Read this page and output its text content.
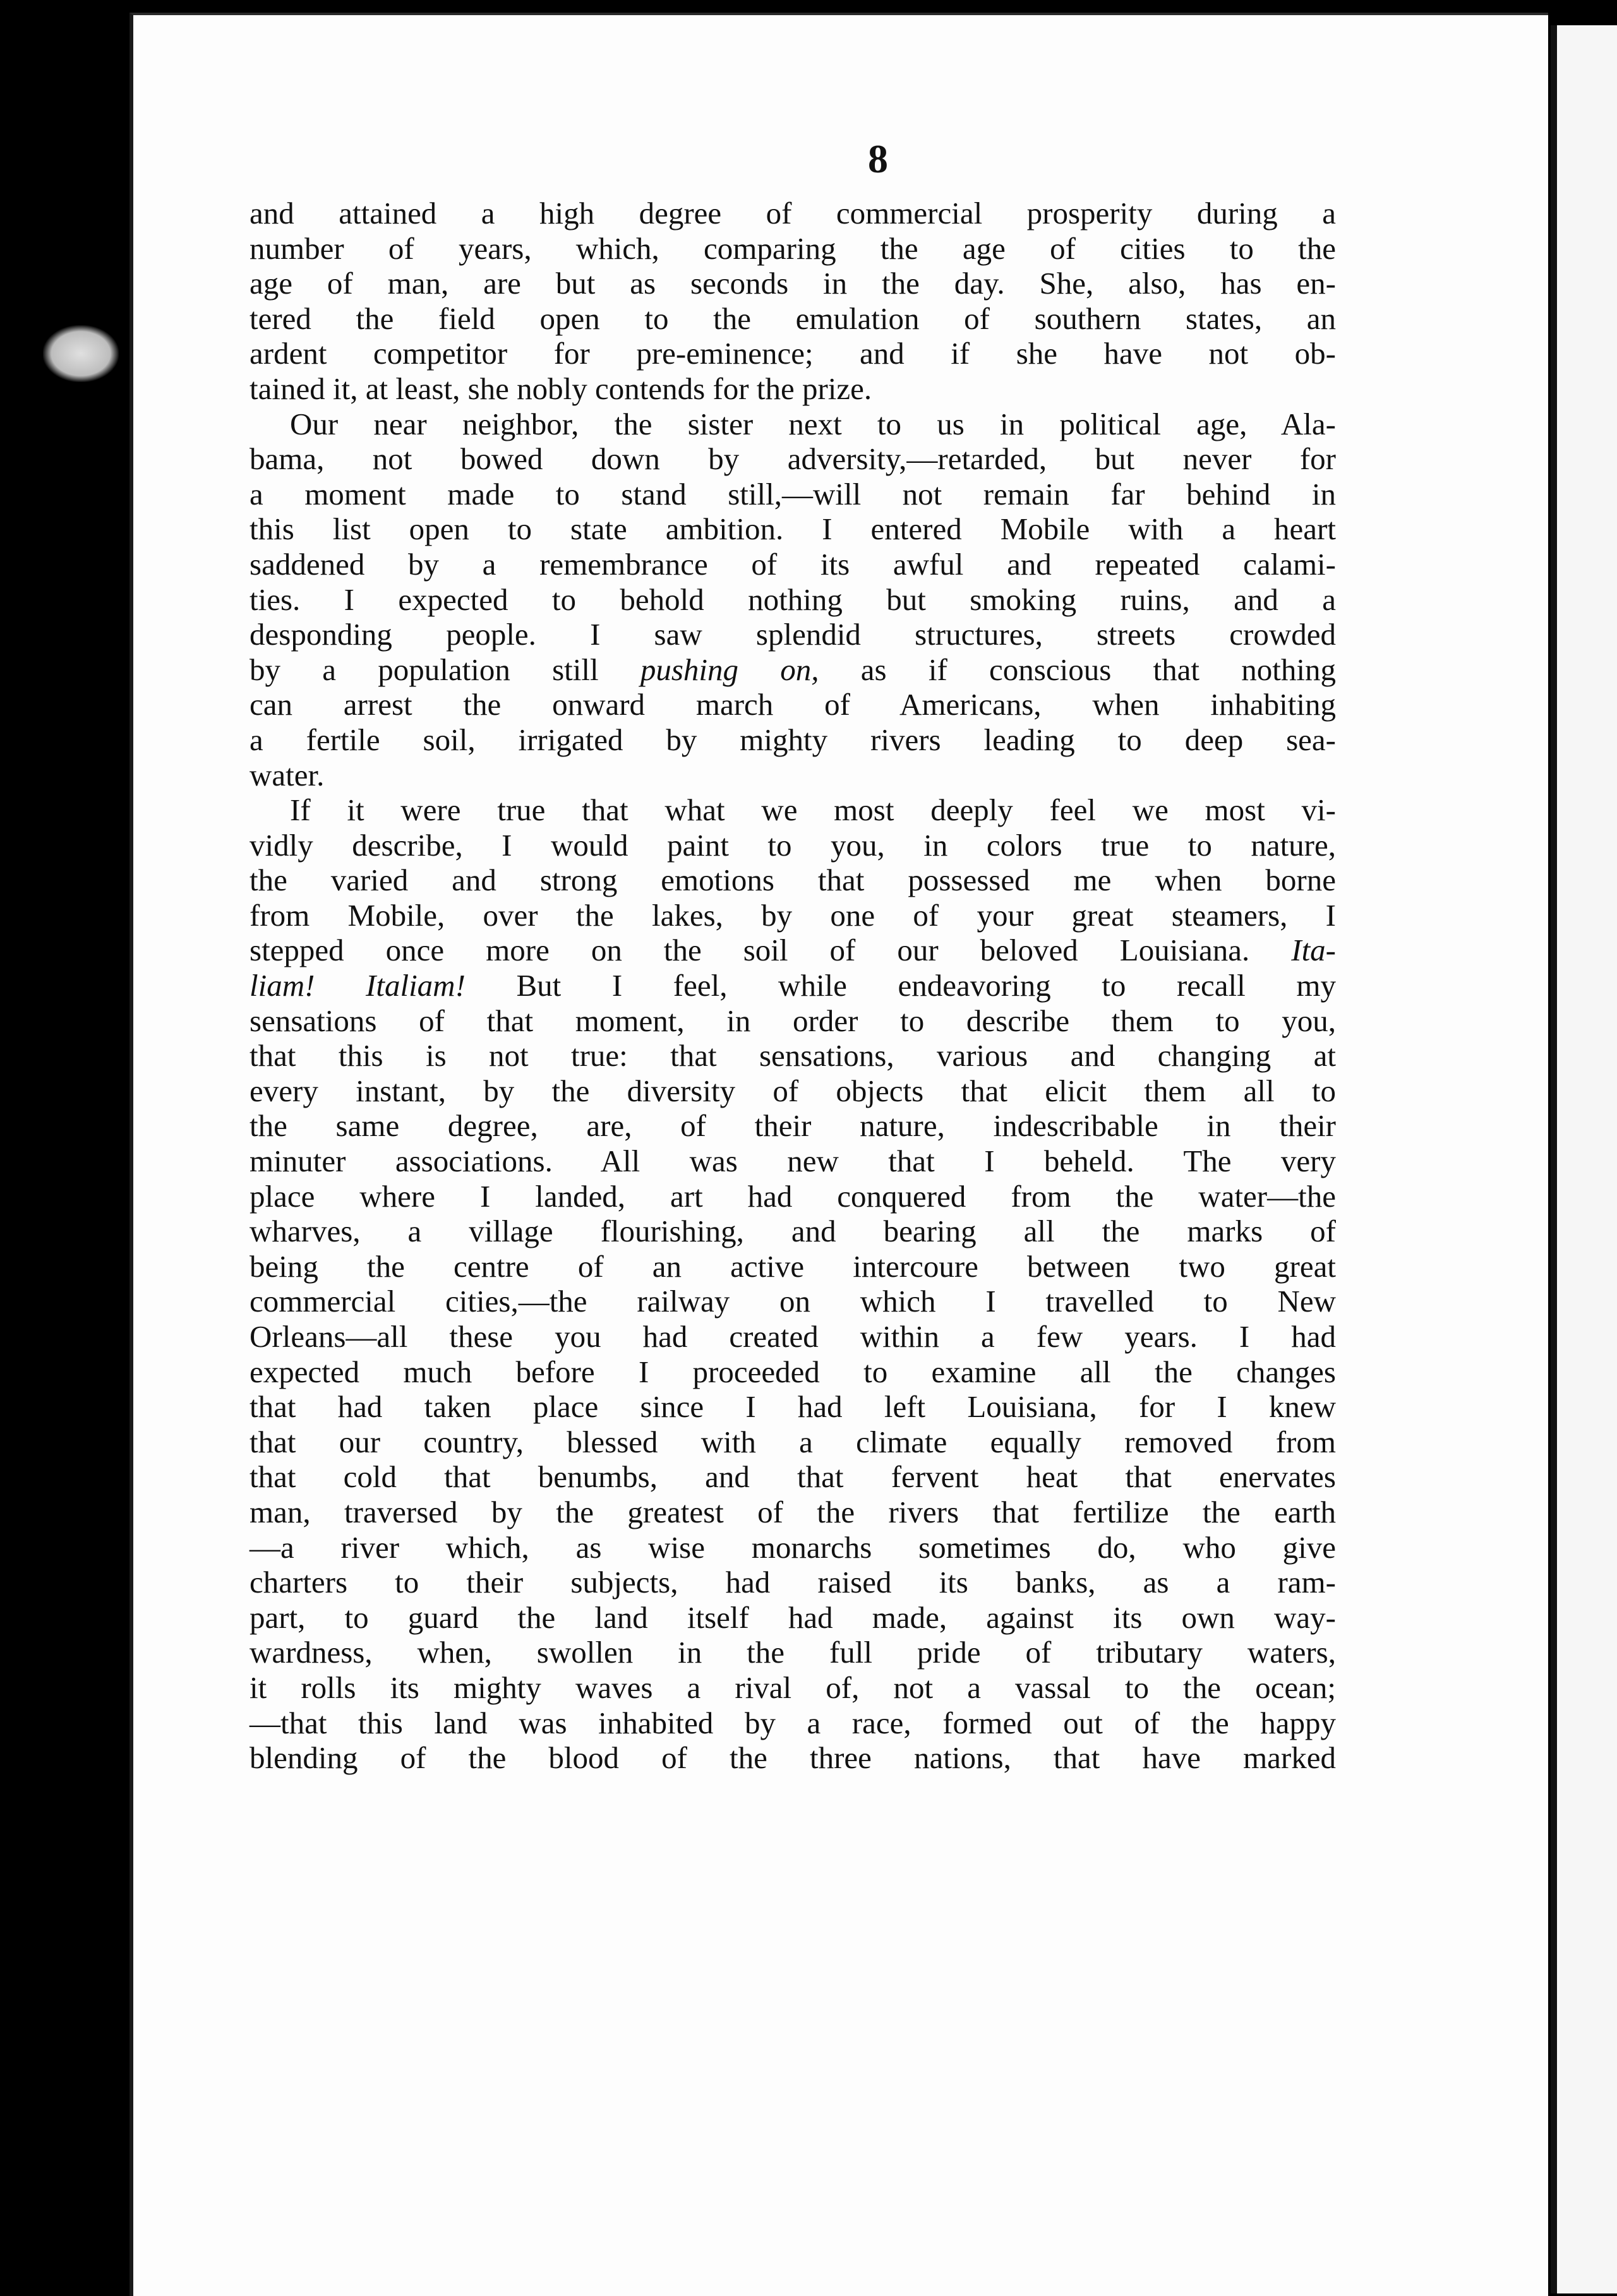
8
and attained a high degree of commercial prosperity during a
number of years, which, comparing the age of cities to the
age of man, are but as seconds in the day. She, also, has en-
tered the field open to the emulation of southern states, an
ardent competitor for pre-eminence; and if she have not ob-
tained it, at least, she nobly contends for the prize.
Our near neighbor, the sister next to us in political age, Ala-
bama, not bowed down by adversity,—retarded, but never for
a moment made to stand still,—will not remain far behind in
this list open to state ambition. I entered Mobile with a heart
saddened by a remembrance of its awful and repeated calami-
ties. I expected to behold nothing but smoking ruins, and a
desponding people. I saw splendid structures, streets crowded
by a population still pushing on, as if conscious that nothing
can arrest the onward march of Americans, when inhabiting
a fertile soil, irrigated by mighty rivers leading to deep sea-
water.
If it were true that what we most deeply feel we most vi-
vidly describe, I would paint to you, in colors true to nature,
the varied and strong emotions that possessed me when borne
from Mobile, over the lakes, by one of your great steamers, I
stepped once more on the soil of our beloved Louisiana. Ita-
liam! Italiam! But I feel, while endeavoring to recall my
sensations of that moment, in order to describe them to you,
that this is not true: that sensations, various and changing at
every instant, by the diversity of objects that elicit them all to
the same degree, are, of their nature, indescribable in their
minuter associations. All was new that I beheld. The very
place where I landed, art had conquered from the water—the
wharves, a village flourishing, and bearing all the marks of
being the centre of an active intercoure between two great
commercial cities,—the railway on which I travelled to New
Orleans—all these you had created within a few years. I had
expected much before I proceeded to examine all the changes
that had taken place since I had left Louisiana, for I knew
that our country, blessed with a climate equally removed from
that cold that benumbs, and that fervent heat that enervates
man, traversed by the greatest of the rivers that fertilize the earth
—a river which, as wise monarchs sometimes do, who give
charters to their subjects, had raised its banks, as a ram-
part, to guard the land itself had made, against its own way-
wardness, when, swollen in the full pride of tributary waters,
it rolls its mighty waves a rival of, not a vassal to the ocean;
—that this land was inhabited by a race, formed out of the happy
blending of the blood of the three nations, that have marked
